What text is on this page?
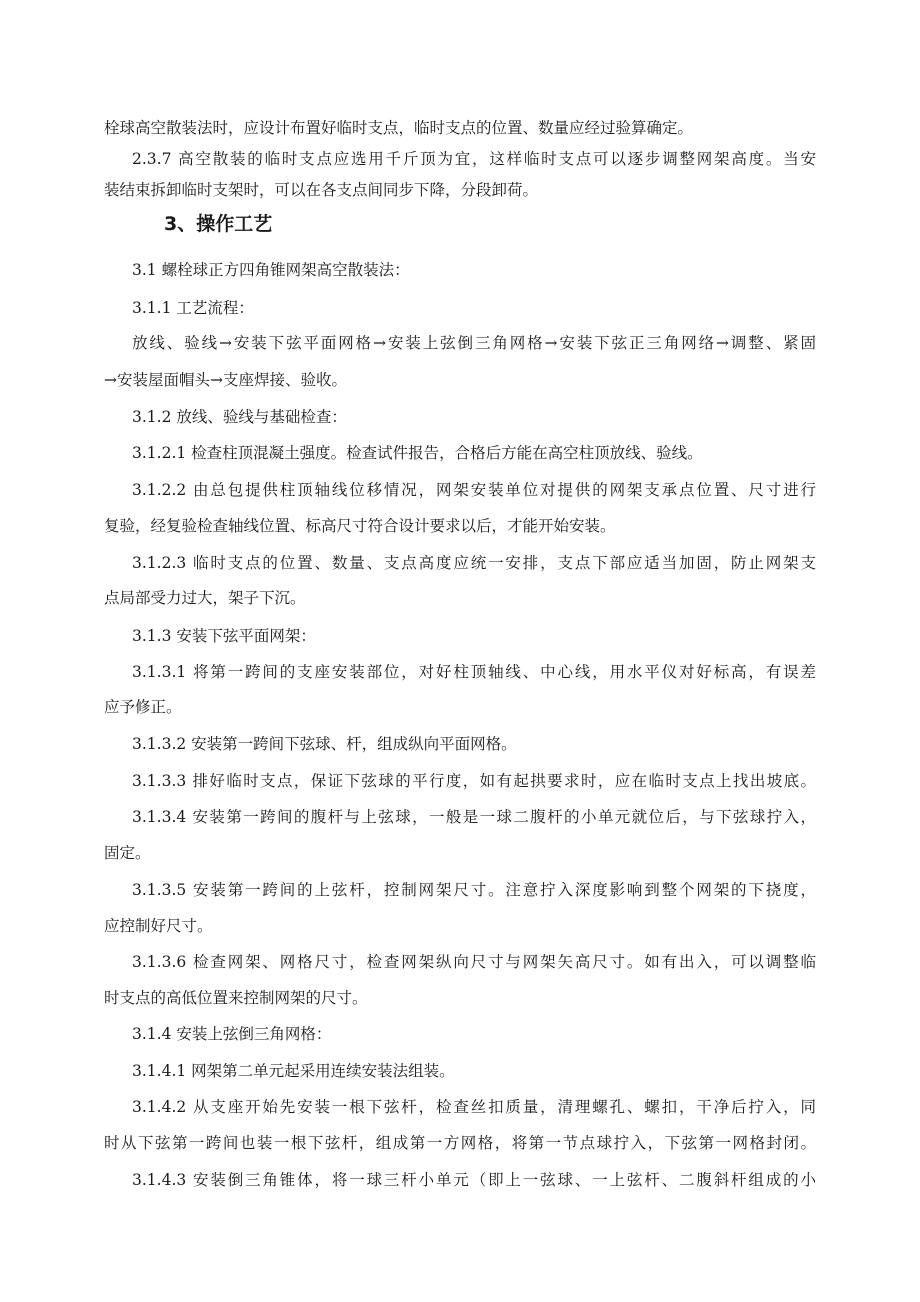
栓球高空散装法时，应设计布置好临时支点，临时支点的位置、数量应经过验算确定。
2.3.7 高空散装的临时支点应选用千斤顶为宜，这样临时支点可以逐步调整网架高度。当安
装结束拆卸临时支架时，可以在各支点间同步下降，分段卸荷。
3、操作工艺
3.1 螺栓球正方四角锥网架高空散装法：
3.1.1 工艺流程：
放线、验线→安装下弦平面网格→安装上弦倒三角网格→安装下弦正三角网络→调整、紧固
→安装屋面帽头→支座焊接、验收。
3.1.2 放线、验线与基础检查：
3.1.2.1 检查柱顶混凝土强度。检查试件报告，合格后方能在高空柱顶放线、验线。
3.1.2.2 由总包提供柱顶轴线位移情况，网架安装单位对提供的网架支承点位置、尺寸进行
复验，经复验检查轴线位置、标高尺寸符合设计要求以后，才能开始安装。
3.1.2.3 临时支点的位置、数量、支点高度应统一安排，支点下部应适当加固，防止网架支
点局部受力过大，架子下沉。
3.1.3 安装下弦平面网架：
3.1.3.1 将第一跨间的支座安装部位，对好柱顶轴线、中心线，用水平仪对好标高，有误差
应予修正。
3.1.3.2 安装第一跨间下弦球、杆，组成纵向平面网格。
3.1.3.3 排好临时支点，保证下弦球的平行度，如有起拱要求时，应在临时支点上找出坡底。
3.1.3.4 安装第一跨间的腹杆与上弦球，一般是一球二腹杆的小单元就位后，与下弦球拧入，
固定。
3.1.3.5 安装第一跨间的上弦杆，控制网架尺寸。注意拧入深度影响到整个网架的下挠度，
应控制好尺寸。
3.1.3.6 检查网架、网格尺寸，检查网架纵向尺寸与网架矢高尺寸。如有出入，可以调整临
时支点的高低位置来控制网架的尺寸。
3.1.4 安装上弦倒三角网格：
3.1.4.1 网架第二单元起采用连续安装法组装。
3.1.4.2 从支座开始先安装一根下弦杆，检查丝扣质量，清理螺孔、螺扣，干净后拧入，同
时从下弦第一跨间也装一根下弦杆，组成第一方网格，将第一节点球拧入，下弦第一网格封闭。
3.1.4.3 安装倒三角锥体，将一球三杆小单元（即上一弦球、一上弦杆、二腹斜杆组成的小
